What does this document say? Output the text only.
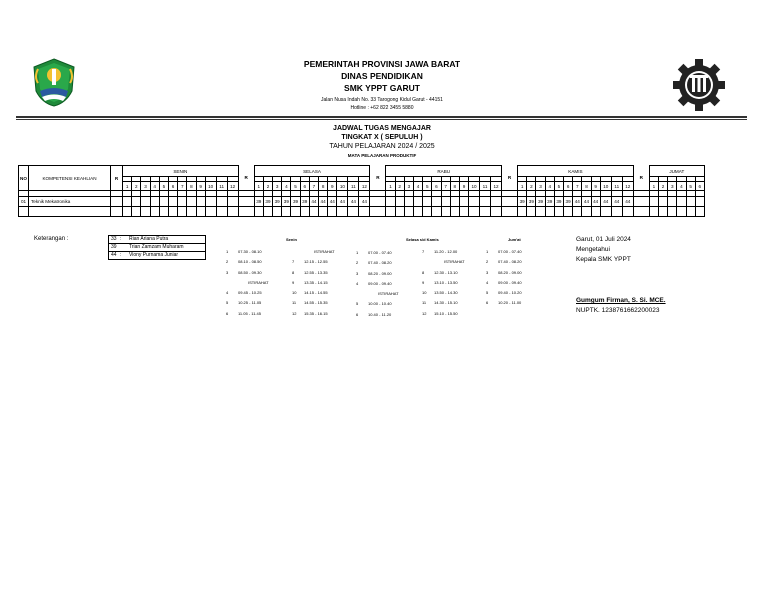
PEMERINTAH PROVINSI JAWA BARAT
DINAS PENDIDIKAN
SMK YPPT GARUT
Jalan Nusa Indah No. 33 Tarogong Kidul Garut - 44151
Hotline : +62 822 3455 5880
JADWAL TUGAS MENGAJAR
TINGKAT X ( SEPULUH )
TAHUN PELAJARAN 2024 / 2025
MATA PELAJARAN PRODUKTIF
NO	KOMPETENSI KEAHLIAN	R	SENIN												R	SELASA												R	RABU												R	KAMIS												R	JUMAT					

			1	2	3	4	5	6	7	8	9	10	11	12		1	2	3	4	5	6	7	8	9	10	11	12		1	2	3	4	5	6	7	8	9	10	11	12		1	2	3	4	5	6	7	8	9	10	11	12		1	2	3	4	5	6

01	Teknik Mekatronika															39	39	39	39	39	39	44	44	44	44	44	44															39	39	39	39	39	39	44	44	44	44	44	44							

Keterangan :	33 :	Rian Ariana Putra
39	Trian Zamzam Muharam
44 :	Viony Purnama Juniar
Senin	Selasa s/d Kamis	Jum'at
1 07.30 - 08.10
2 08.10 - 08.50
3 08.50 - 09.30
ISTIRAHAT
4 09.45 - 10.25
5 10.25 - 11.05
6 11.05 - 11.45
ISTIRAHAT
7 12.15 - 12.55
8 12.55 - 13.35
9 13.35 - 14.15
10 14.15 - 14.55
11 14.55 - 15.35
12 15.35 - 16.15
1 07.00 - 07.40
2 07.40 - 08.20
3 08.20 - 09.00
4 09.00 - 09.40
ISTIRAHAT
5 10.00 - 10.40
6 10.40 - 11.20
7 11.20 - 12.00
ISTIRAHAT
8 12.30 - 13.10
9 13.10 - 13.50
10 13.50 - 14.30
11 14.30 - 15.10
12 15.10 - 15.50
1 07.00 - 07.40
2 07.40 - 08.20
3 08.20 - 09.00
4 09.00 - 09.40
5 09.40 - 10.20
6 10.20 - 11.00
Garut, 01 Juli 2024
Mengetahui
Kepala SMK YPPT
Gumgum Firman, S. Si. MCE.
NUPTK. 1238761662200023
